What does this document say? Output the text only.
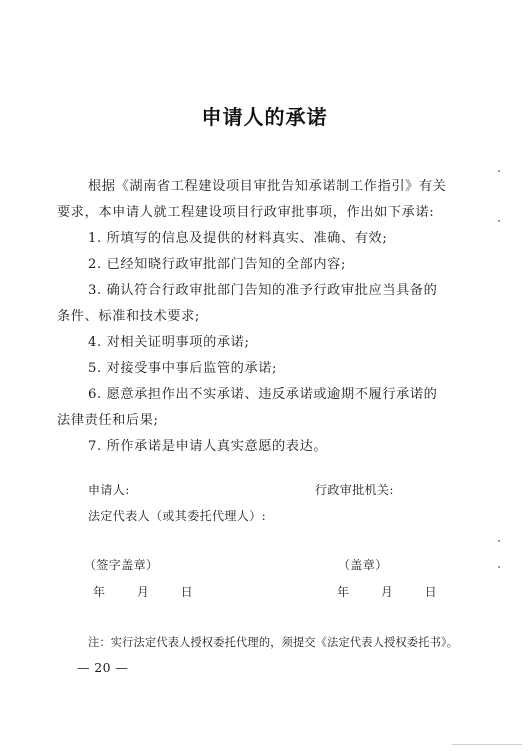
申请人的承诺
根据《湖南省工程建设项目审批告知承诺制工作指引》有关
要求，本申请人就工程建设项目行政审批事项，作出如下承诺:
1. 所填写的信息及提供的材料真实、准确、有效;
2. 已经知晓行政审批部门告知的全部内容;
3. 确认符合行政审批部门告知的准予行政审批应当具备的
条件、标准和技术要求;
4. 对相关证明事项的承诺;
5. 对接受事中事后监管的承诺;
6. 愿意承担作出不实承诺、违反承诺或逾期不履行承诺的
法律责任和后果;
7. 所作承诺是申请人真实意愿的表达。
申请人:	行政审批机关:
法定代表人（或其委托代理人）:
（签字盖章）	（盖章）
年 月 日	年 月 日
注：实行法定代表人授权委托代理的，须提交《法定代表人授权委托书》。
— 20 —
